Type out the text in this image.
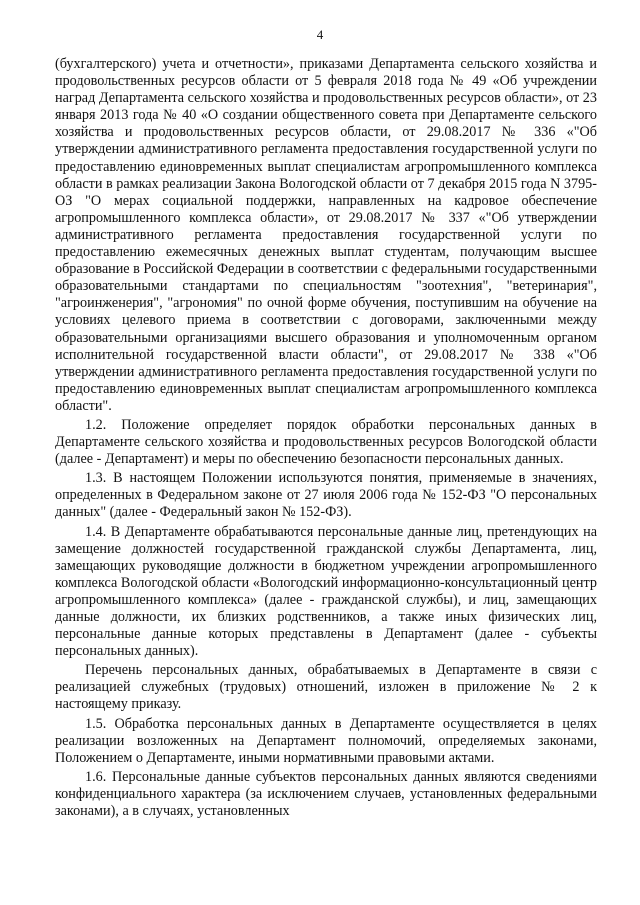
4

(бухгалтерского) учета и отчетности», приказами Департамента сельского хозяйства и продовольственных ресурсов области от 5 февраля 2018 года № 49 «Об учреждении наград Департамента сельского хозяйства и продовольственных ресурсов области», от 23 января 2013 года № 40 «О создании общественного совета при Департаменте сельского хозяйства и продовольственных ресурсов области, от 29.08.2017 № 336 «"Об утверждении административного регламента предоставления государственной услуги по предоставлению единовременных выплат специалистам агропромышленного комплекса области в рамках реализации Закона Вологодской области от 7 декабря 2015 года N 3795-ОЗ "О мерах социальной поддержки, направленных на кадровое обеспечение агропромышленного комплекса области», от 29.08.2017 № 337 «"Об утверждении административного регламента предоставления государственной услуги по предоставлению ежемесячных денежных выплат студентам, получающим высшее образование в Российской Федерации в соответствии с федеральными государственными образовательными стандартами по специальностям "зоотехния", "ветеринария", "агроинженерия", "агрономия" по очной форме обучения, поступившим на обучение на условиях целевого приема в соответствии с договорами, заключенными между образовательными организациями высшего образования и уполномоченным органом исполнительной государственной власти области", от 29.08.2017 № 338 «"Об утверждении административного регламента предоставления государственной услуги по предоставлению единовременных выплат специалистам агропромышленного комплекса области".

1.2. Положение определяет порядок обработки персональных данных в Департаменте сельского хозяйства и продовольственных ресурсов Вологодской области (далее - Департамент) и меры по обеспечению безопасности персональных данных.

1.3. В настоящем Положении используются понятия, применяемые в значениях, определенных в Федеральном законе от 27 июля 2006 года № 152-ФЗ "О персональных данных" (далее - Федеральный закон № 152-ФЗ).

1.4. В Департаменте обрабатываются персональные данные лиц, претендующих на замещение должностей государственной гражданской службы Департамента, лиц, замещающих руководящие должности в бюджетном учреждении агропромышленного комплекса Вологодской области «Вологодский информационно-консультационный центр агропромышленного комплекса» (далее - гражданской службы), и лиц, замещающих данные должности, их близких родственников, а также иных физических лиц, персональные данные которых представлены в Департамент (далее - субъекты персональных данных).

Перечень персональных данных, обрабатываемых в Департаменте в связи с реализацией служебных (трудовых) отношений, изложен в приложение № 2 к настоящему приказу.

1.5. Обработка персональных данных в Департаменте осуществляется в целях реализации возложенных на Департамент полномочий, определяемых законами, Положением о Департаменте, иными нормативными правовыми актами.

1.6. Персональные данные субъектов персональных данных являются сведениями конфиденциального характера (за исключением случаев, установленных федеральными законами), а в случаях, установленных
